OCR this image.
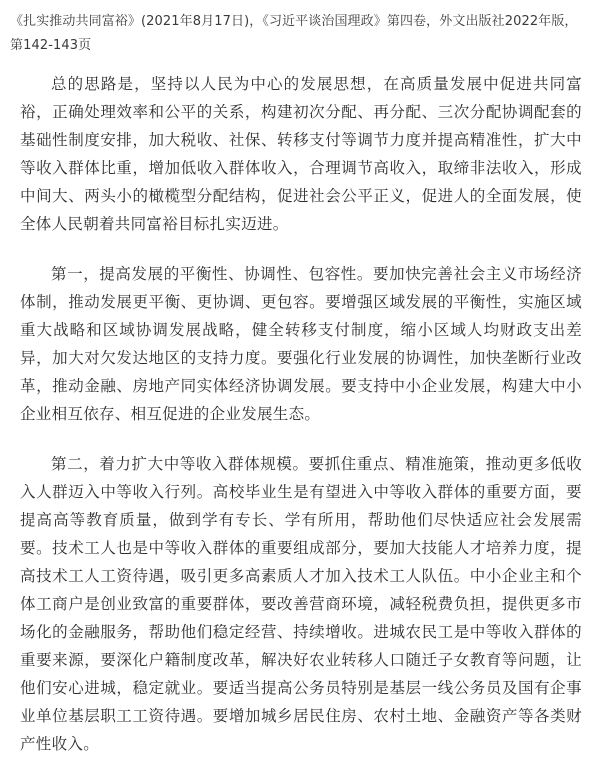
《扎实推动共同富裕》(2021年8月17日)，《习近平谈治国理政》第四卷，外文出版社2022年版，第142-143页

总的思路是，坚持以人民为中心的发展思想，在高质量发展中促进共同富裕，正确处理效率和公平的关系，构建初次分配、再分配、三次分配协调配套的基础性制度安排，加大税收、社保、转移支付等调节力度并提高精准性，扩大中等收入群体比重，增加低收入群体收入，合理调节高收入，取缔非法收入，形成中间大、两头小的橄榄型分配结构，促进社会公平正义，促进人的全面发展，使全体人民朝着共同富裕目标扎实迈进。

第一，提高发展的平衡性、协调性、包容性。要加快完善社会主义市场经济体制，推动发展更平衡、更协调、更包容。要增强区域发展的平衡性，实施区域重大战略和区域协调发展战略，健全转移支付制度，缩小区域人均财政支出差异，加大对欠发达地区的支持力度。要强化行业发展的协调性，加快垄断行业改革，推动金融、房地产同实体经济协调发展。要支持中小企业发展，构建大中小企业相互依存、相互促进的企业发展生态。

第二，着力扩大中等收入群体规模。要抓住重点、精准施策，推动更多低收入人群迈入中等收入行列。高校毕业生是有望进入中等收入群体的重要方面，要提高高等教育质量，做到学有专长、学有所用，帮助他们尽快适应社会发展需要。技术工人也是中等收入群体的重要组成部分，要加大技能人才培养力度，提高技术工人工资待遇，吸引更多高素质人才加入技术工人队伍。中小企业主和个体工商户是创业致富的重要群体，要改善营商环境，减轻税费负担，提供更多市场化的金融服务，帮助他们稳定经营、持续增收。进城农民工是中等收入群体的重要来源，要深化户籍制度改革，解决好农业转移人口随迁子女教育等问题，让他们安心进城，稳定就业。要适当提高公务员特别是基层一线公务员及国有企事业单位基层职工工资待遇。要增加城乡居民住房、农村土地、金融资产等各类财产性收入。
